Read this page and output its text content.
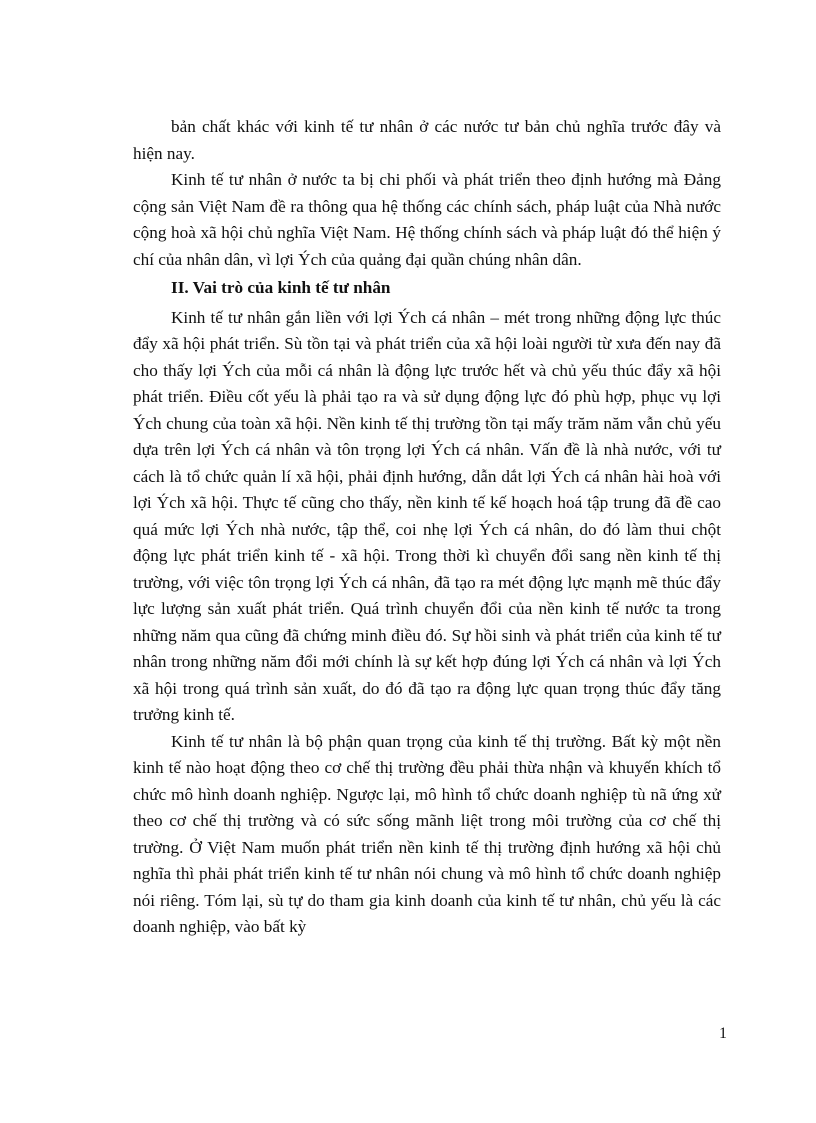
bản chất khác với kinh tế tư nhân ở các nước tư bản chủ nghĩa trước đây và hiện nay.

Kinh tế tư nhân ở nước ta bị chi phối và phát triển theo định hướng mà Đảng cộng sản Việt Nam đề ra thông qua hệ thống các chính sách, pháp luật của Nhà nước cộng hoà xã hội chủ nghĩa Việt Nam. Hệ thống chính sách và pháp luật đó thể hiện ý chí của nhân dân, vì lợi Ých của quảng đại quần chúng nhân dân.

II. Vai trò của kinh tế tư nhân

Kinh tế tư nhân gắn liền với lợi Ých cá nhân – mét trong những động lực thúc đẩy xã hội phát triển. Sù tồn tại và phát triển của xã hội loài người từ xưa đến nay đã cho thấy lợi Ých của mỗi cá nhân là động lực trước hết và chủ yếu thúc đẩy xã hội phát triển. Điều cốt yếu là phải tạo ra và sử dụng động lực đó phù hợp, phục vụ lợi Ých chung của toàn xã hội. Nền kinh tế thị trường tồn tại mấy trăm năm vẫn chủ yếu dựa trên lợi Ých cá nhân và tôn trọng lợi Ých cá nhân. Vấn đề là nhà nước, với tư cách là tổ chức quản lí xã hội, phải định hướng, dẫn dắt lợi Ých cá nhân hài hoà với lợi Ých xã hội. Thực tế cũng cho thấy, nền kinh tế kế hoạch hoá tập trung đã đề cao quá mức lợi Ých nhà nước, tập thể, coi nhẹ lợi Ých cá nhân, do đó làm thui chột động lực phát triển kinh tế - xã hội. Trong thời kì chuyển đổi sang nền kinh tế thị trường, với việc tôn trọng lợi Ých cá nhân, đã tạo ra mét động lực mạnh mẽ thúc đẩy lực lượng sản xuất phát triển. Quá trình chuyển đổi của nền kinh tế nước ta trong những năm qua cũng đã chứng minh điều đó. Sự hồi sinh và phát triển của kinh tế tư nhân trong những năm đổi mới chính là sự kết hợp đúng lợi Ých cá nhân và lợi Ých xã hội trong quá trình sản xuất, do đó đã tạo ra động lực quan trọng thúc đẩy tăng trưởng kinh tế.

Kinh tế tư nhân là bộ phận quan trọng của kinh tế thị trường. Bất kỳ một nền kinh tế nào hoạt động theo cơ chế thị trường đều phải thừa nhận và khuyến khích tổ chức mô hình doanh nghiệp. Ngược lại, mô hình tổ chức doanh nghiệp tù nã ứng xử theo cơ chế thị trường và có sức sống mãnh liệt trong môi trường của cơ chế thị trường. Ở Việt Nam muốn phát triển nền kinh tế thị trường định hướng xã hội chủ nghĩa thì phải phát triển kinh tế tư nhân nói chung và mô hình tổ chức doanh nghiệp nói riêng. Tóm lại, sù tự do tham gia kinh doanh của kinh tế tư nhân, chủ yếu là các doanh nghiệp, vào bất kỳ

1
